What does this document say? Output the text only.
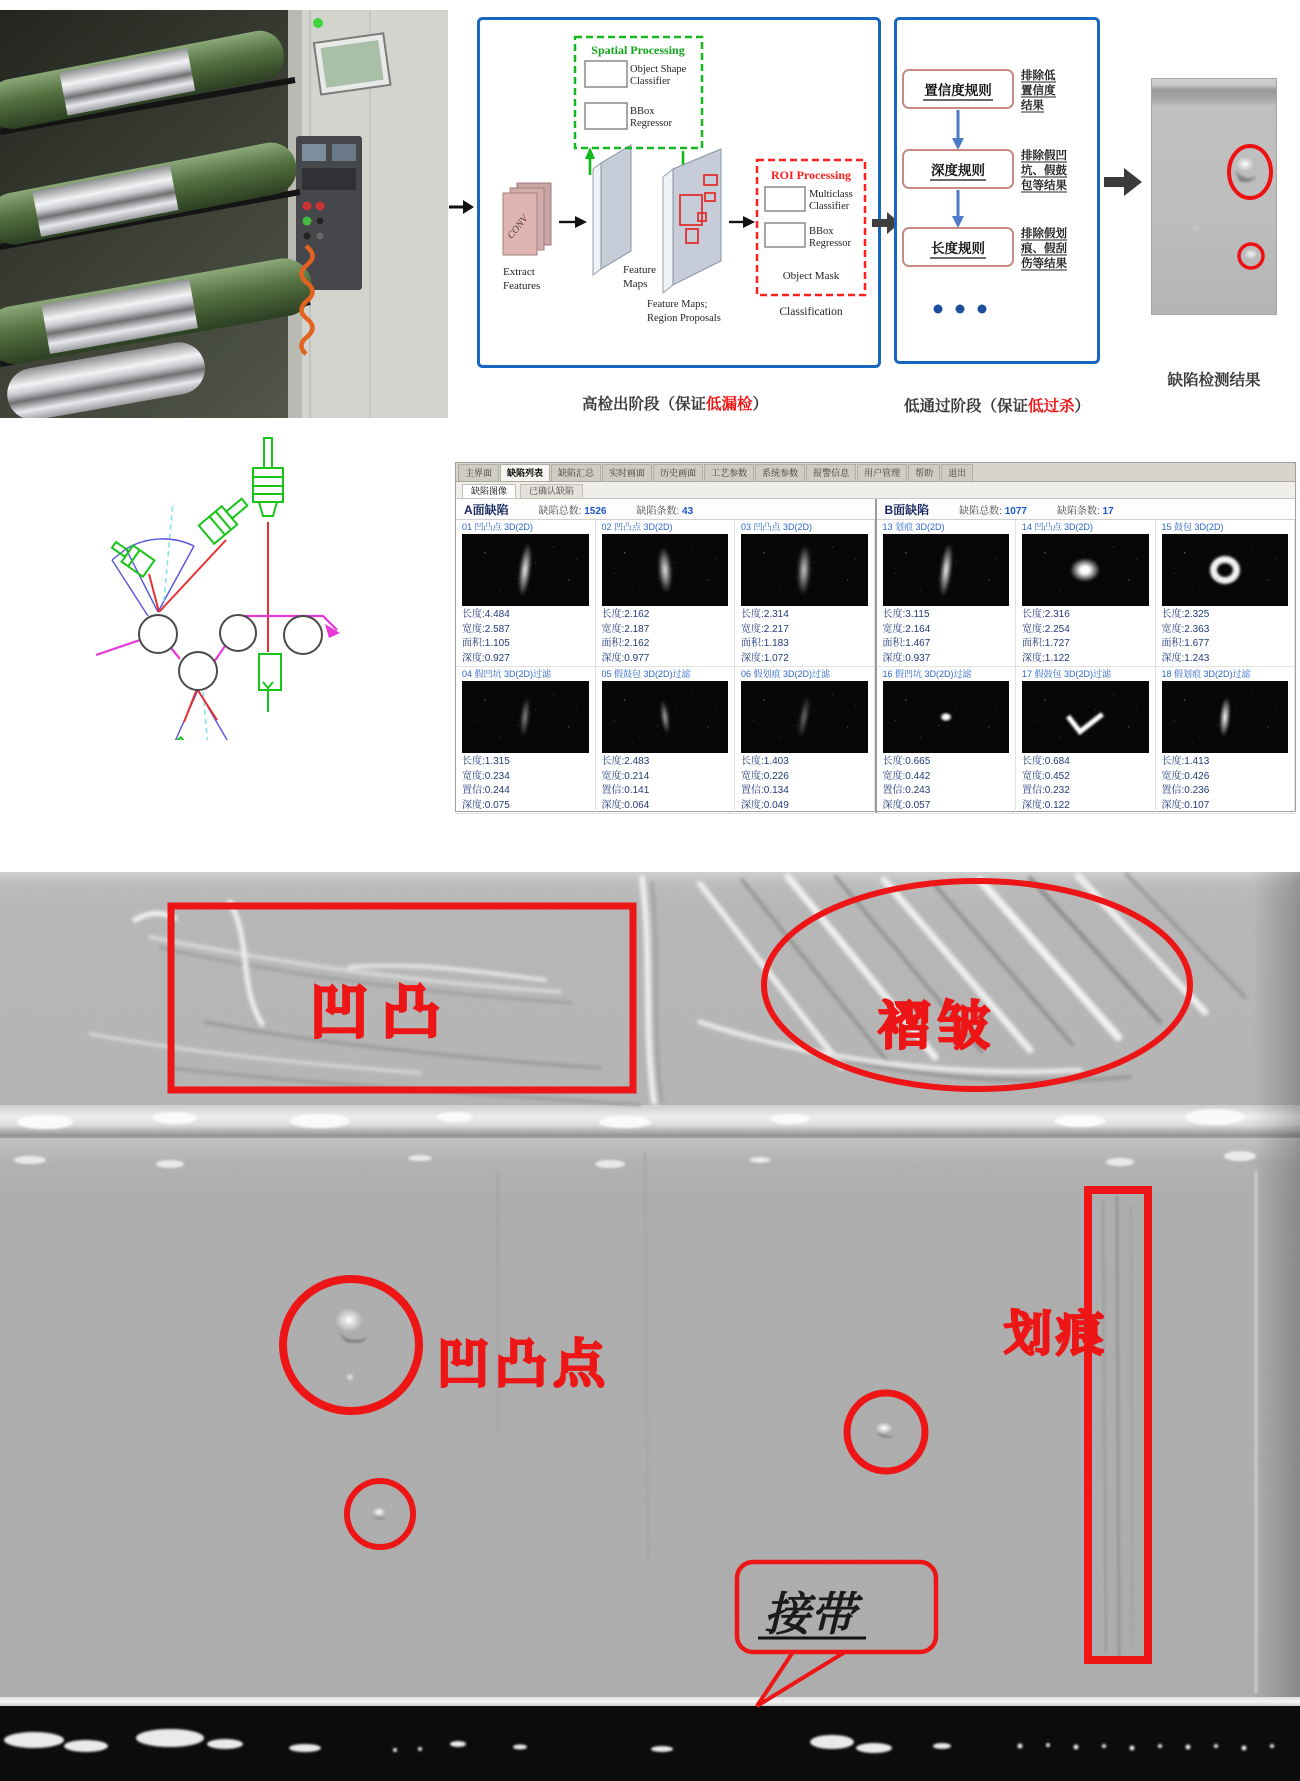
CONV
Extract
Features
Feature
Maps
Spatial Processing
Object Shape
Classifier
BBox
Regressor
Feature Maps;
Region Proposals
ROI Processing
Multiclass
Classifier
BBox
Regressor
Object Mask
Classification
置信度规则
深度规则
长度规则
排除低
置信度
结果
排除假凹
坑、假鼓
包等结果
排除假划
痕、假刮
伤等结果
高检出阶段（保证低漏检）	低通过阶段（保证低过杀）
缺陷检测结果
主界面	缺陷列表	缺陷汇总	实时画面	历史画面	工艺参数	系统参数	报警信息	用户管理	帮助	退出
缺陷图像	已确认缺陷
A面缺陷	缺陷总数: 1526	缺陷条数: 43
01 凹凸点 3D(2D)
长度:4.484
宽度:2.587
面积:1.105
深度:0.927
02 凹凸点 3D(2D)
长度:2.162
宽度:2.187
面积:2.162
深度:0.977
03 凹凸点 3D(2D)
长度:2.314
宽度:2.217
面积:1.183
深度:1.072
04 假凹坑 3D(2D)过滤
长度:1.315
宽度:0.234
置信:0.244
深度:0.075
05 假鼓包 3D(2D)过滤
长度:2.483
宽度:0.214
置信:0.141
深度:0.064
06 假划痕 3D(2D)过滤
长度:1.403
宽度:0.226
置信:0.134
深度:0.049
B面缺陷	缺陷总数: 1077	缺陷条数: 17
13 划痕 3D(2D)
长度:3.115
宽度:2.164
面积:1.467
深度:0.937
14 凹凸点 3D(2D)
长度:2.316
宽度:2.254
面积:1.727
深度:1.122
15 鼓包 3D(2D)
长度:2.325
宽度:2.363
面积:1.677
深度:1.243
16 假凹坑 3D(2D)过滤
长度:0.665
宽度:0.442
置信:0.243
深度:0.057
17 假鼓包 3D(2D)过滤
长度:0.684
宽度:0.452
置信:0.232
深度:0.122
18 假划痕 3D(2D)过滤
长度:1.413
宽度:0.426
置信:0.236
深度:0.107
凹凸	褶皱
凹凸点
划痕
接带
